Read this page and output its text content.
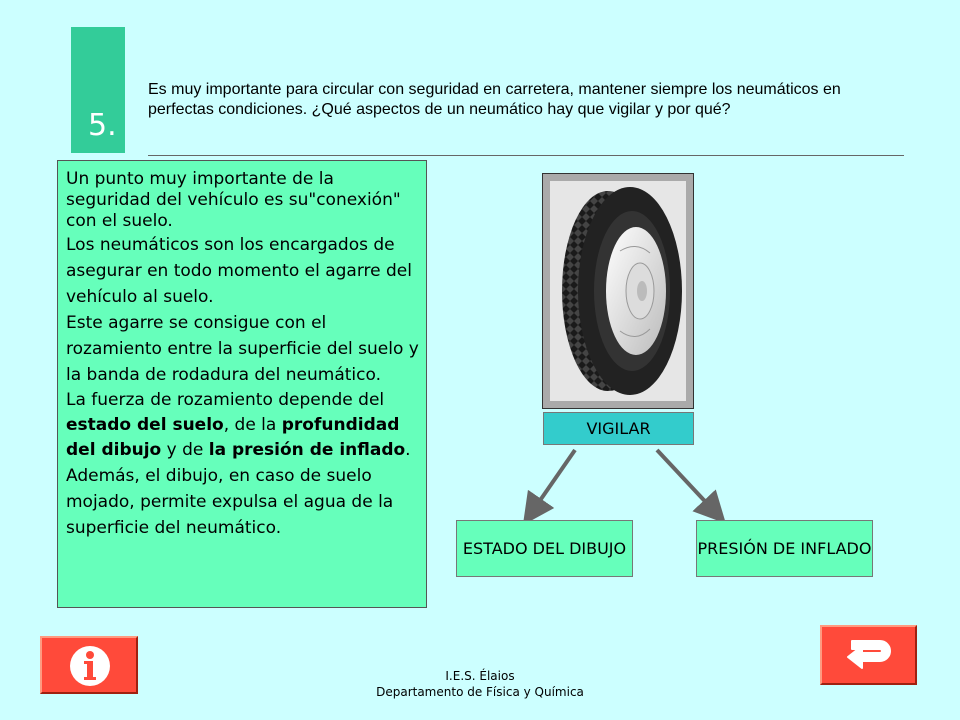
5.
Es muy importante para circular con seguridad en carretera, mantener siempre los neumáticos en perfectas condiciones. ¿Qué aspectos de un neumático hay que vigilar y por qué?

Un punto muy importante de la seguridad del vehículo es su"conexión" con el suelo.

Los neumáticos son los encargados de asegurar en todo momento el agarre del vehículo al suelo.

Este agarre se consigue con el rozamiento entre la superficie del suelo y la banda de rodadura del neumático.

La fuerza de rozamiento depende del estado del suelo, de la profundidad del dibujo y de la presión de inflado.

Además, el dibujo, en caso de suelo mojado, permite expulsa el agua de la superficie del neumático.

VIGILAR
ESTADO DEL DIBUJO	PRESIÓN DE INFLADO
I.E.S. Élaios
Departamento de Física y Química
